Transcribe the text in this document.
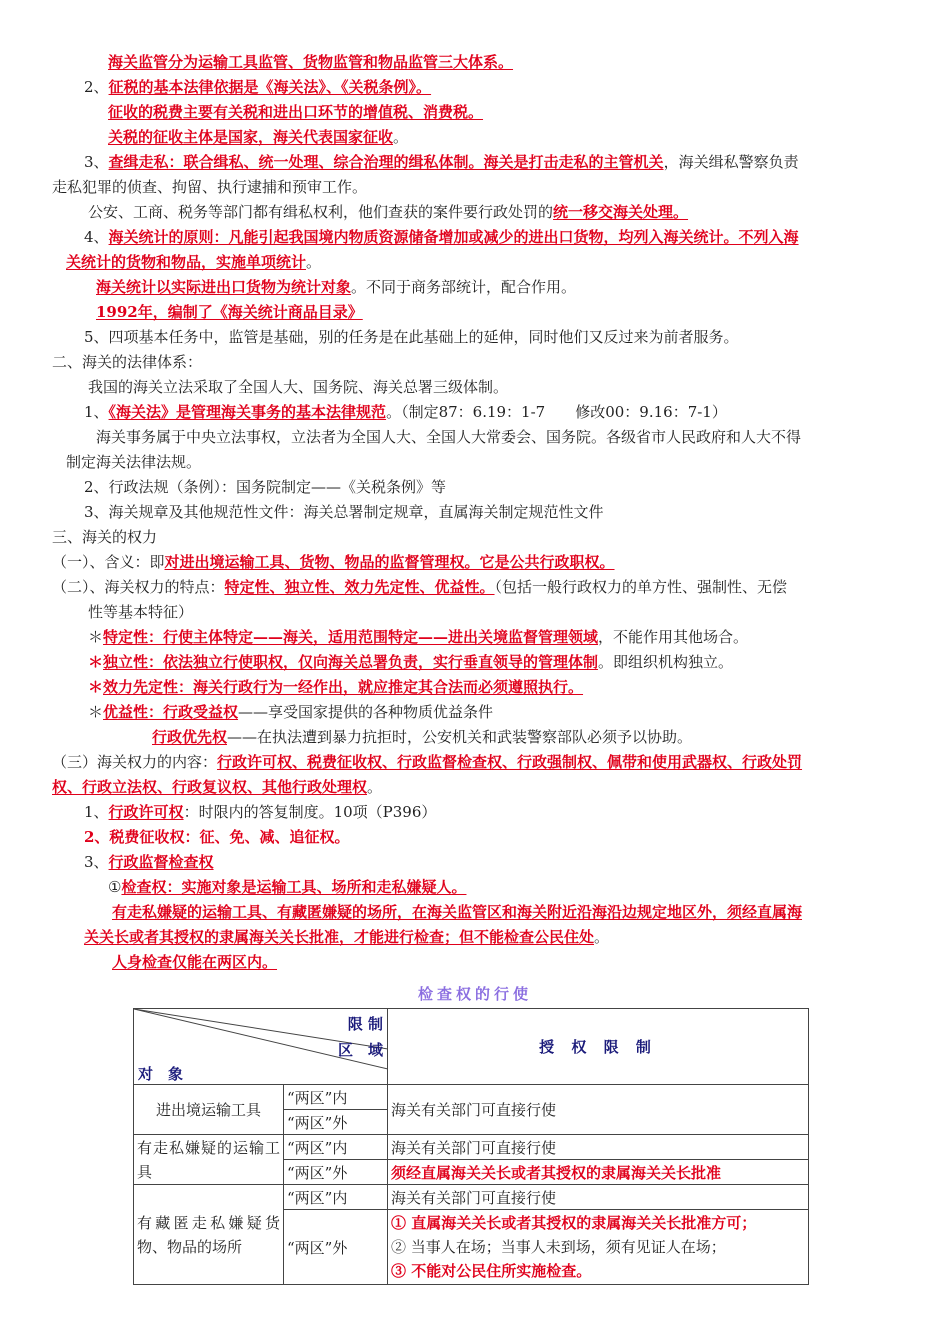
海关监管分为运输工具监管、货物监管和物品监管三大体系。
2、征税的基本法律依据是《海关法》、《关税条例》。
征收的税费主要有关税和进出口环节的增值税、消费税。
关税的征收主体是国家，海关代表国家征收。
3、查缉走私：联合缉私、统一处理、综合治理的缉私体制。海关是打击走私的主管机关，海关缉私警察负责
走私犯罪的侦查、拘留、执行逮捕和预审工作。
公安、工商、税务等部门都有缉私权利，他们查获的案件要行政处罚的统一移交海关处理。
4、海关统计的原则：凡能引起我国境内物质资源储备增加或减少的进出口货物，均列入海关统计。不列入海
关统计的货物和物品，实施单项统计。
海关统计以实际进出口货物为统计对象。不同于商务部统计，配合作用。
1992年，编制了《海关统计商品目录》
5、四项基本任务中，监管是基础，别的任务是在此基础上的延伸，同时他们又反过来为前者服务。
二、海关的法律体系：
我国的海关立法采取了全国人大、国务院、海关总署三级体制。
1、《海关法》是管理海关事务的基本法律规范。（制定87：6.19：1-7　　修改00：9.16：7-1）
海关事务属于中央立法事权，立法者为全国人大、全国人大常委会、国务院。各级省市人民政府和人大不得
制定海关法律法规。
2、行政法规（条例）：国务院制定——《关税条例》等
3、海关规章及其他规范性文件：海关总署制定规章，直属海关制定规范性文件
三、海关的权力
（一）、含义：即对进出境运输工具、货物、物品的监督管理权。它是公共行政职权。
（二）、海关权力的特点：特定性、独立性、效力先定性、优益性。（包括一般行政权力的单方性、强制性、无偿
性等基本特征）
＊特定性：行使主体特定——海关，适用范围特定——进出关境监督管理领域，不能作用其他场合。
＊独立性：依法独立行使职权，仅向海关总署负责，实行垂直领导的管理体制。即组织机构独立。
＊效力先定性：海关行政行为一经作出，就应推定其合法而必须遵照执行。
＊优益性：行政受益权——享受国家提供的各种物质优益条件
行政优先权——在执法遭到暴力抗拒时，公安机关和武装警察部队必须予以协助。
（三）海关权力的内容：行政许可权、税费征收权、行政监督检查权、行政强制权、佩带和使用武器权、行政处罚
权、行政立法权、行政复议权、其他行政处理权。
1、行政许可权：时限内的答复制度。10项（P396）
2、税费征收权：征、免、减、追征权。
3、行政监督检查权
①检查权：实施对象是运输工具、场所和走私嫌疑人。
有走私嫌疑的运输工具、有藏匿嫌疑的场所，在海关监管区和海关附近沿海沿边规定地区外，须经直属海
关关长或者其授权的隶属海关关长批准，才能进行检查；但不能检查公民住处。
人身检查仅能在两区内。
检查权的行使
限 制
区　域
对　象		授 权 限 制
进出境运输工具	“两区”内	海关有关部门可直接行使
	“两区”外	
有走私嫌疑的运输工具	“两区”内	海关有关部门可直接行使
	“两区”外	须经直属海关关长或者其授权的隶属海关关长批准
有藏匿走私嫌疑货物、物品的场所	“两区”内	海关有关部门可直接行使
	“两区”外	① 直属海关关长或者其授权的隶属海关关长批准方可；
② 当事人在场；当事人未到场，须有见证人在场；
③ 不能对公民住所实施检查。
